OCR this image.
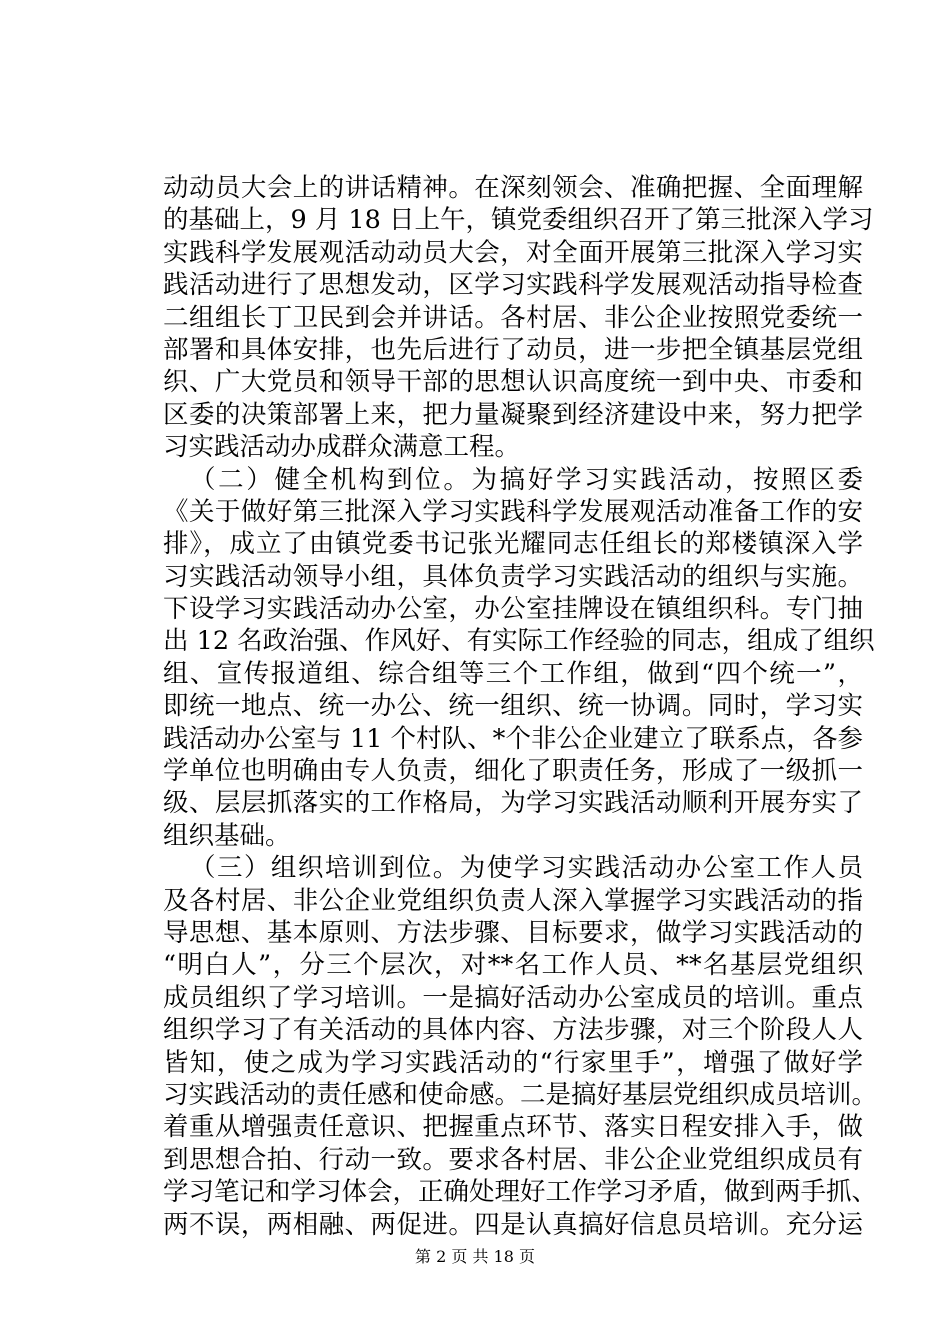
动动员大会上的讲话精神。在深刻领会、准确把握、全面理解
的基础上，9 月 18 日上午，镇党委组织召开了第三批深入学习
实践科学发展观活动动员大会，对全面开展第三批深入学习实
践活动进行了思想发动，区学习实践科学发展观活动指导检查
二组组长丁卫民到会并讲话。各村居、非公企业按照党委统一
部署和具体安排，也先后进行了动员，进一步把全镇基层党组
织、广大党员和领导干部的思想认识高度统一到中央、市委和
区委的决策部署上来，把力量凝聚到经济建设中来，努力把学
习实践活动办成群众满意工程。
（二）健全机构到位。为搞好学习实践活动，按照区委
《关于做好第三批深入学习实践科学发展观活动准备工作的安
排》，成立了由镇党委书记张光耀同志任组长的郑楼镇深入学
习实践活动领导小组，具体负责学习实践活动的组织与实施。
下设学习实践活动办公室，办公室挂牌设在镇组织科。专门抽
出 12 名政治强、作风好、有实际工作经验的同志，组成了组织
组、宣传报道组、综合组等三个工作组，做到“四个统一”，
即统一地点、统一办公、统一组织、统一协调。同时，学习实
践活动办公室与 11 个村队、*个非公企业建立了联系点，各参
学单位也明确由专人负责，细化了职责任务，形成了一级抓一
级、层层抓落实的工作格局，为学习实践活动顺利开展夯实了
组织基础。
（三）组织培训到位。为使学习实践活动办公室工作人员
及各村居、非公企业党组织负责人深入掌握学习实践活动的指
导思想、基本原则、方法步骤、目标要求，做学习实践活动的
“明白人”，分三个层次，对**名工作人员、**名基层党组织
成员组织了学习培训。一是搞好活动办公室成员的培训。重点
组织学习了有关活动的具体内容、方法步骤，对三个阶段人人
皆知，使之成为学习实践活动的“行家里手”，增强了做好学
习实践活动的责任感和使命感。二是搞好基层党组织成员培训。
着重从增强责任意识、把握重点环节、落实日程安排入手，做
到思想合拍、行动一致。要求各村居、非公企业党组织成员有
学习笔记和学习体会，正确处理好工作学习矛盾，做到两手抓、
两不误，两相融、两促进。四是认真搞好信息员培训。充分运
第 2 页 共 18 页
